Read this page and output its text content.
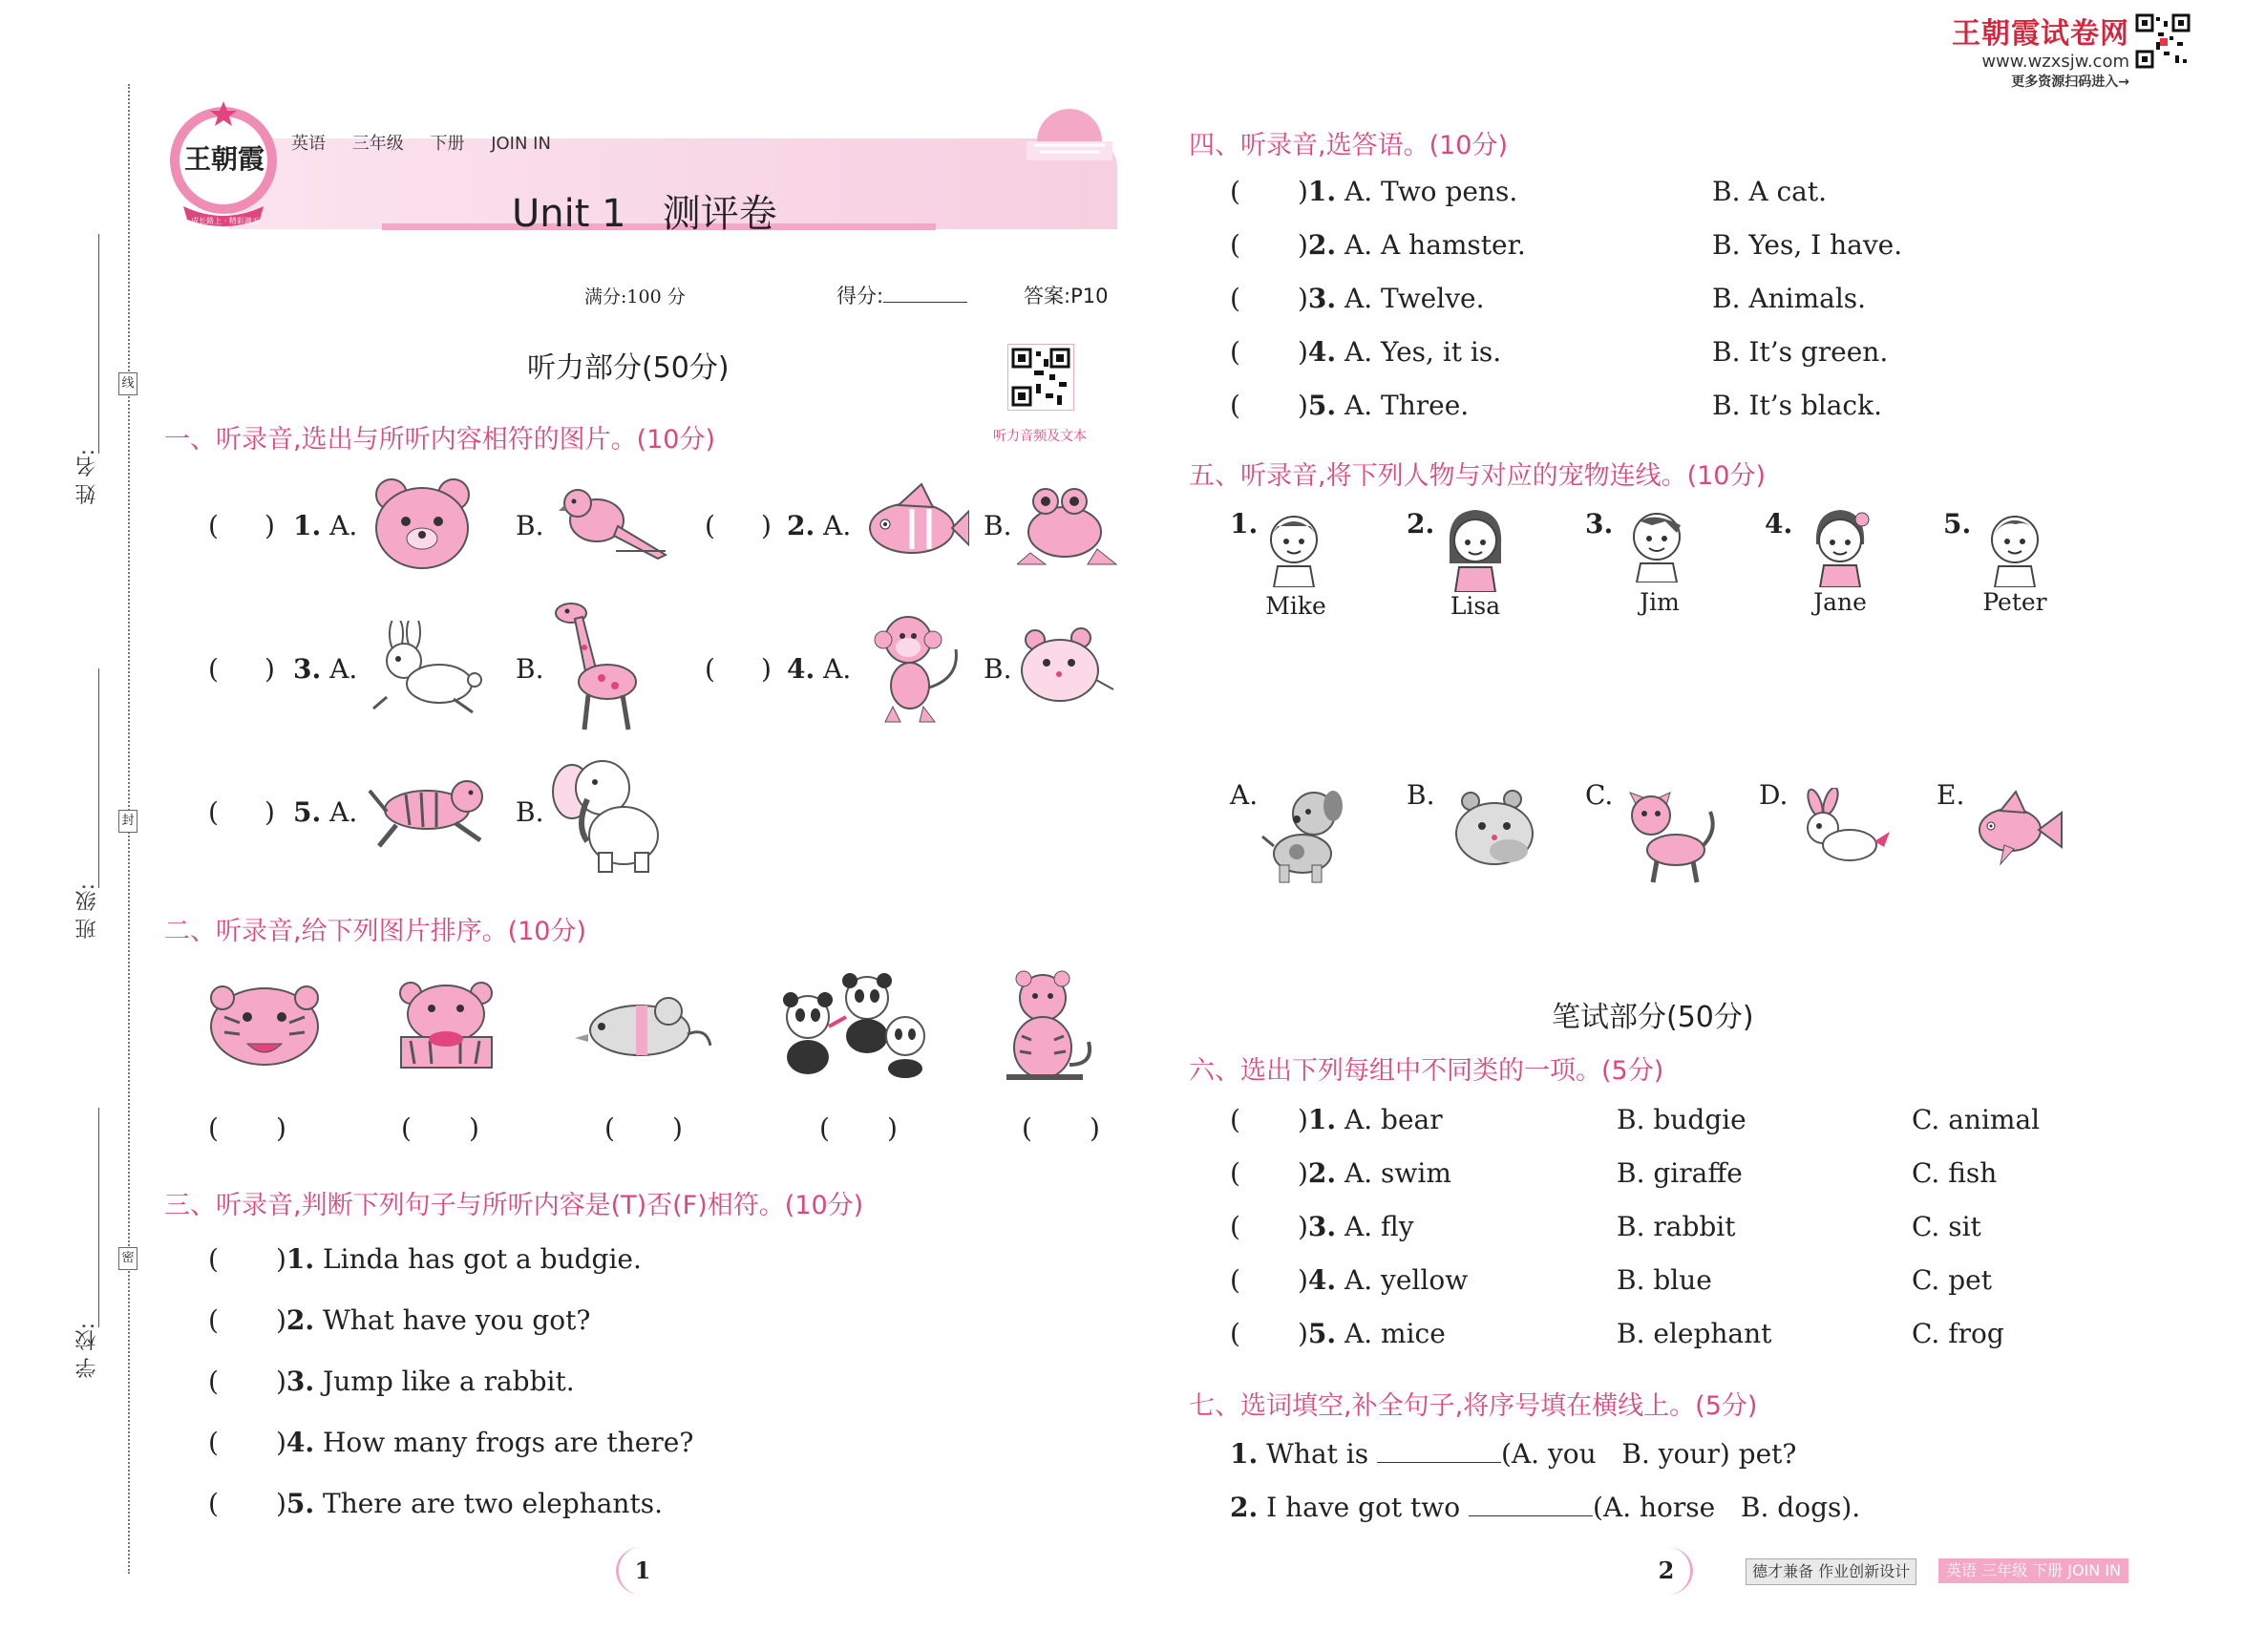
王朝霞试卷网
www.wzxsjw.com
更多资源扫码进入→
姓 名:
班 级:
学 校:
线
封
密
王朝霞
成长路上 · 精彩满天
英语 三年级 下册 JOIN IN
Unit 1   测评卷
满分:100 分	得分:	答案:P10
听力部分(50分)
听力音频及文本
一、听录音,选出与所听内容相符的图片。(10分)
( ) 1. A.	B.	( ) 2. A.	B.
( ) 3. A.	B.	( ) 4. A.	B.
( ) 5. A.	B.
二、听录音,给下列图片排序。(10分)
( )	( )	( )	( )	( )
三、听录音,判断下列句子与所听内容是(T)否(F)相符。(10分)
( )1. Linda has got a budgie.
( )2. What have you got?
( )3. Jump like a rabbit.
( )4. How many frogs are there?
( )5. There are two elephants.
1
四、听录音,选答语。(10分)
( )1. A. Two pens.	B. A cat.
( )2. A. A hamster.	B. Yes, I have.
( )3. A. Twelve.	B. Animals.
( )4. A. Yes, it is.	B. It’s green.
( )5. A. Three.	B. It’s black.
五、听录音,将下列人物与对应的宠物连线。(10分)
1.
Mike
2.
Lisa
3.
Jim
4.
Jane
5.
Peter
A.	B.	C.	D.	E.
笔试部分(50分)
六、选出下列每组中不同类的一项。(5分)
( )1. A. bear	B. budgie	C. animal
( )2. A. swim	B. giraffe	C. fish
( )3. A. fly	B. rabbit	C. sit
( )4. A. yellow	B. blue	C. pet
( )5. A. mice	B. elephant	C. frog
七、选词填空,补全句子,将序号填在横线上。(5分)
1. What is	(A. you   B. your) pet?
2. I have got two	(A. horse   B. dogs).
2	德才兼备 作业创新设计	英语 三年级 下册 JOIN IN
